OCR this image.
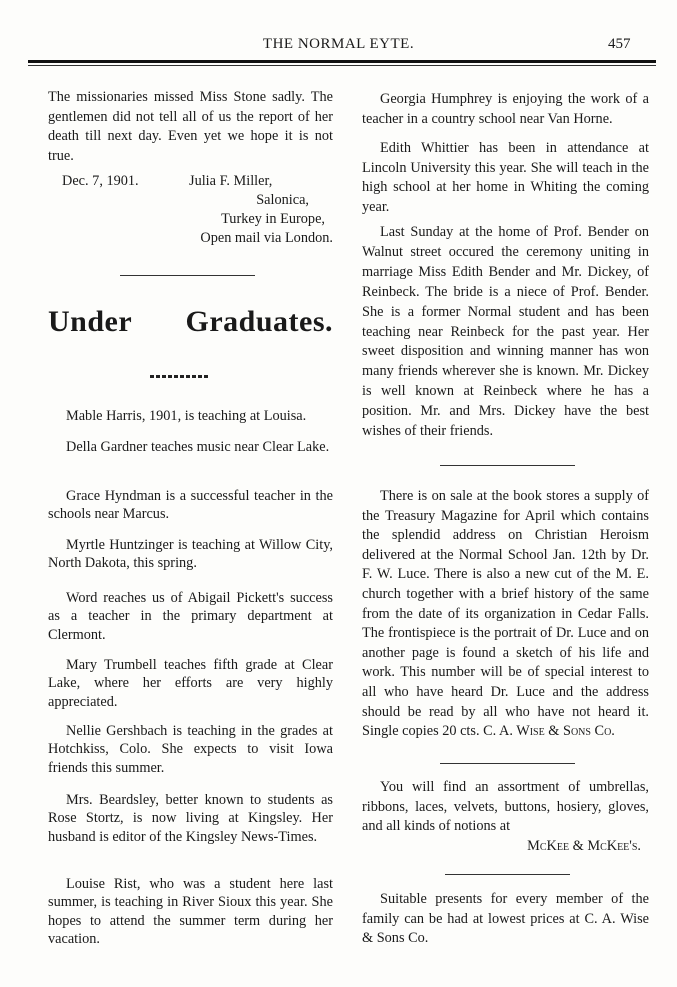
THE NORMAL EYTE.	457

The missionaries missed Miss Stone sadly. The gentlemen did not tell all of us the report of her death till next day. Even yet we hope it is not true.

Dec. 7, 1901.	Julia F. Miller,
Salonica,
Turkey in Europe,
Open mail via London.
Under Graduates.

Mable Harris, 1901, is teaching at Louisa.

Della Gardner teaches music near Clear Lake.

Grace Hyndman is a successful teacher in the schools near Marcus.

Myrtle Huntzinger is teaching at Willow City, North Dakota, this spring.

Word reaches us of Abigail Pickett's success as a teacher in the primary department at Clermont.

Mary Trumbell teaches fifth grade at Clear Lake, where her efforts are very highly appreciated.

Nellie Gershbach is teaching in the grades at Hotchkiss, Colo. She expects to visit Iowa friends this summer.

Mrs. Beardsley, better known to students as Rose Stortz, is now living at Kingsley. Her husband is editor of the Kingsley News-Times.

Louise Rist, who was a student here last summer, is teaching in River Sioux this year. She hopes to attend the summer term during her vacation.

Georgia Humphrey is enjoying the work of a teacher in a country school near Van Horne.

Edith Whittier has been in attendance at Lincoln University this year. She will teach in the high school at her home in Whiting the coming year.

Last Sunday at the home of Prof. Bender on Walnut street occured the ceremony uniting in marriage Miss Edith Bender and Mr. Dickey, of Reinbeck. The bride is a niece of Prof. Bender. She is a former Normal student and has been teaching near Reinbeck for the past year. Her sweet disposition and winning manner has won many friends wherever she is known. Mr. Dickey is well known at Reinbeck where he has a position. Mr. and Mrs. Dickey have the best wishes of their friends.

There is on sale at the book stores a supply of the Treasury Magazine for April which contains the splendid address on Christian Heroism delivered at the Normal School Jan. 12th by Dr. F. W. Luce. There is also a new cut of the M. E. church together with a brief history of the same from the date of its organization in Cedar Falls. The frontispiece is the portrait of Dr. Luce and on another page is found a sketch of his life and work. This number will be of special interest to all who have heard Dr. Luce and the address should be read by all who have not heard it. Single copies 20 cts. C. A. Wise & Sons Co.

You will find an assortment of umbrellas, ribbons, laces, velvets, buttons, hosiery, gloves, and all kinds of notions at

McKee & McKee's.

Suitable presents for every member of the family can be had at lowest prices at C. A. Wise & Sons Co.
